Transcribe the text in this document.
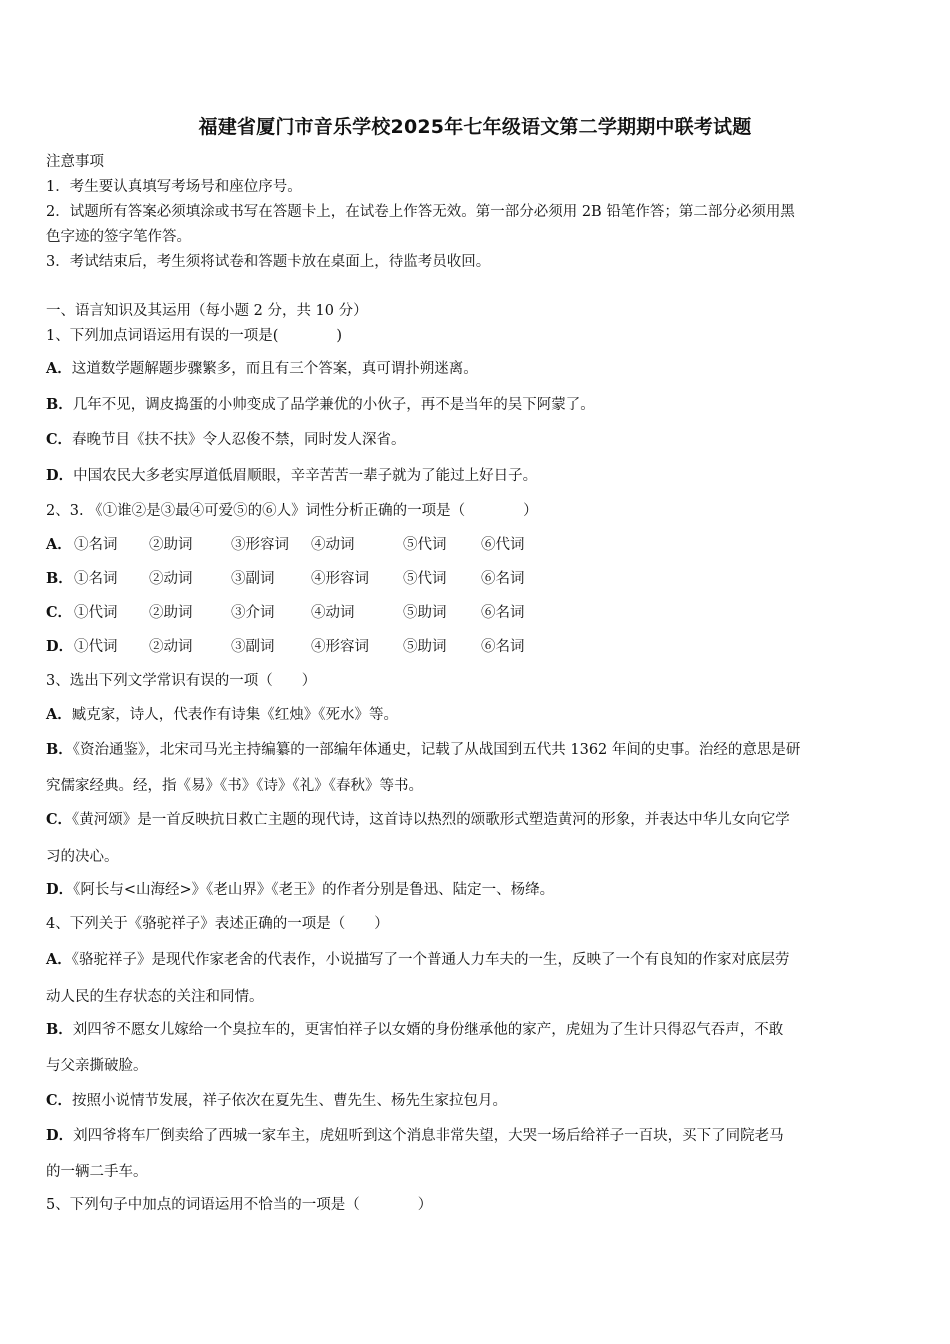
福建省厦门市音乐学校2025年七年级语文第二学期期中联考试题
注意事项
1．考生要认真填写考场号和座位序号。
2．试题所有答案必须填涂或书写在答题卡上，在试卷上作答无效。第一部分必须用 2B 铅笔作答；第二部分必须用黑
色字迹的签字笔作答。
3．考试结束后，考生须将试卷和答题卡放在桌面上，待监考员收回。
一、语言知识及其运用（每小题 2 分，共 10 分）
1、下列加点词语运用有误的一项是(　　　　)
A．这道数学题解题步骤繁多，而且有三个答案，真可谓扑朔迷离。
B．几年不见，调皮捣蛋的小帅变成了品学兼优的小伙子，再不是当年的吴下阿蒙了。
C．春晚节目《扶不扶》令人忍俊不禁，同时发人深省。
D．中国农民大多老实厚道低眉顺眼，辛辛苦苦一辈子就为了能过上好日子。
2、3. 《①谁②是③最④可爱⑤的⑥人》词性分析正确的一项是（　　　　）
A． ①名词 ②助词	③形容词 ④动词	⑤代词 ⑥代词
B．①名词 ②动词	③副词	④形容词 ⑤代词 ⑥名词
C． ①代词 ②助词	③介词	④动词	⑤助词 ⑥名词
D．①代词 ②动词	③副词	④形容词 ⑤助词 ⑥名词
3、选出下列文学常识有误的一项（　　）
A．臧克家，诗人，代表作有诗集《红烛》《死水》等。
B．《资治通鉴》，北宋司马光主持编纂的一部编年体通史，记载了从战国到五代共 1362 年间的史事。治经的意思是研
究儒家经典。经，指《易》《书》《诗》《礼》《春秋》等书。
C．《黄河颂》是一首反映抗日救亡主题的现代诗，这首诗以热烈的颂歌形式塑造黄河的形象，并表达中华儿女向它学
习的决心。
D．《阿长与<山海经>》《老山界》《老王》的作者分别是鲁迅、陆定一、杨绛。
4、下列关于《骆驼祥子》表述正确的一项是（　　）
A．《骆驼祥子》是现代作家老舍的代表作，小说描写了一个普通人力车夫的一生，反映了一个有良知的作家对底层劳
动人民的生存状态的关注和同情。
B．刘四爷不愿女儿嫁给一个臭拉车的，更害怕祥子以女婿的身份继承他的家产，虎妞为了生计只得忍气吞声，不敢
与父亲撕破脸。
C．按照小说情节发展，祥子依次在夏先生、曹先生、杨先生家拉包月。
D．刘四爷将车厂倒卖给了西城一家车主，虎妞听到这个消息非常失望，大哭一场后给祥子一百块，买下了同院老马
的一辆二手车。
5、下列句子中加点的词语运用不恰当的一项是（　　　　）
